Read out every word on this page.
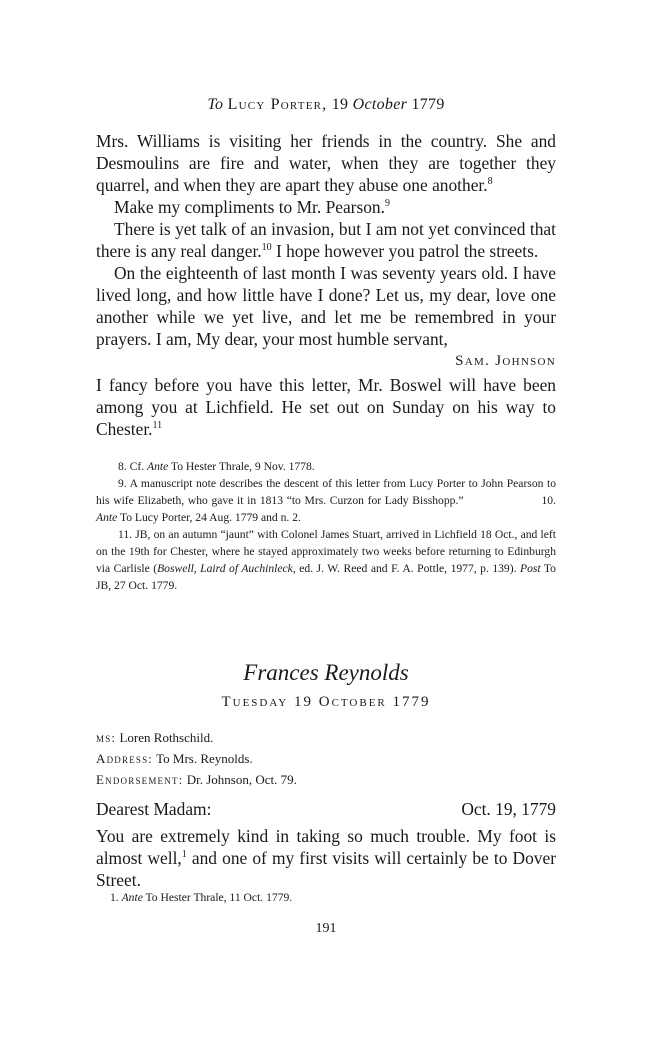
To Lucy Porter, 19 October 1779

Mrs. Williams is visiting her friends in the country. She and Desmoulins are fire and water, when they are together they quarrel, and when they are apart they abuse one another.$^8$

Make my compliments to Mr. Pearson.$^9$

There is yet talk of an invasion, but I am not yet convinced that there is any real danger.$^{10}$ I hope however you patrol the streets.

On the eighteenth of last month I was seventy years old. I have lived long, and how little have I done? Let us, my dear, love one another while we yet live, and let me be remembred in your prayers. I am, My dear, your most humble servant,

Sam. Johnson

I fancy before you have this letter, Mr. Boswel will have been among you at Lichfield. He set out on Sunday on his way to Chester.$^{11}$

8. Cf. Ante To Hester Thrale, 9 Nov. 1778.

9. A manuscript note describes the descent of this letter from Lucy Porter to John Pearson to his wife Elizabeth, who gave it in 1813 “to Mrs. Curzon for Lady Bisshopp.”	10. Ante To Lucy Porter, 24 Aug. 1779 and n. 2.

11. JB, on an autumn “jaunt” with Colonel James Stuart, arrived in Lichfield 18 Oct., and left on the 19th for Chester, where he stayed approximately two weeks before returning to Edinburgh via Carlisle (Boswell, Laird of Auchinleck, ed. J. W. Reed and F. A. Pottle, 1977, p. 139). Post To JB, 27 Oct. 1779.

Frances Reynolds
Tuesday 19 October 1779
ms: Loren Rothschild.
Address: To Mrs. Reynolds.
Endorsement: Dr. Johnson, Oct. 79.
Dearest Madam:	Oct. 19, 1779

You are extremely kind in taking so much trouble. My foot is almost well,$^1$ and one of my first visits will certainly be to Dover Street.

1. Ante To Hester Thrale, 11 Oct. 1779.

191
